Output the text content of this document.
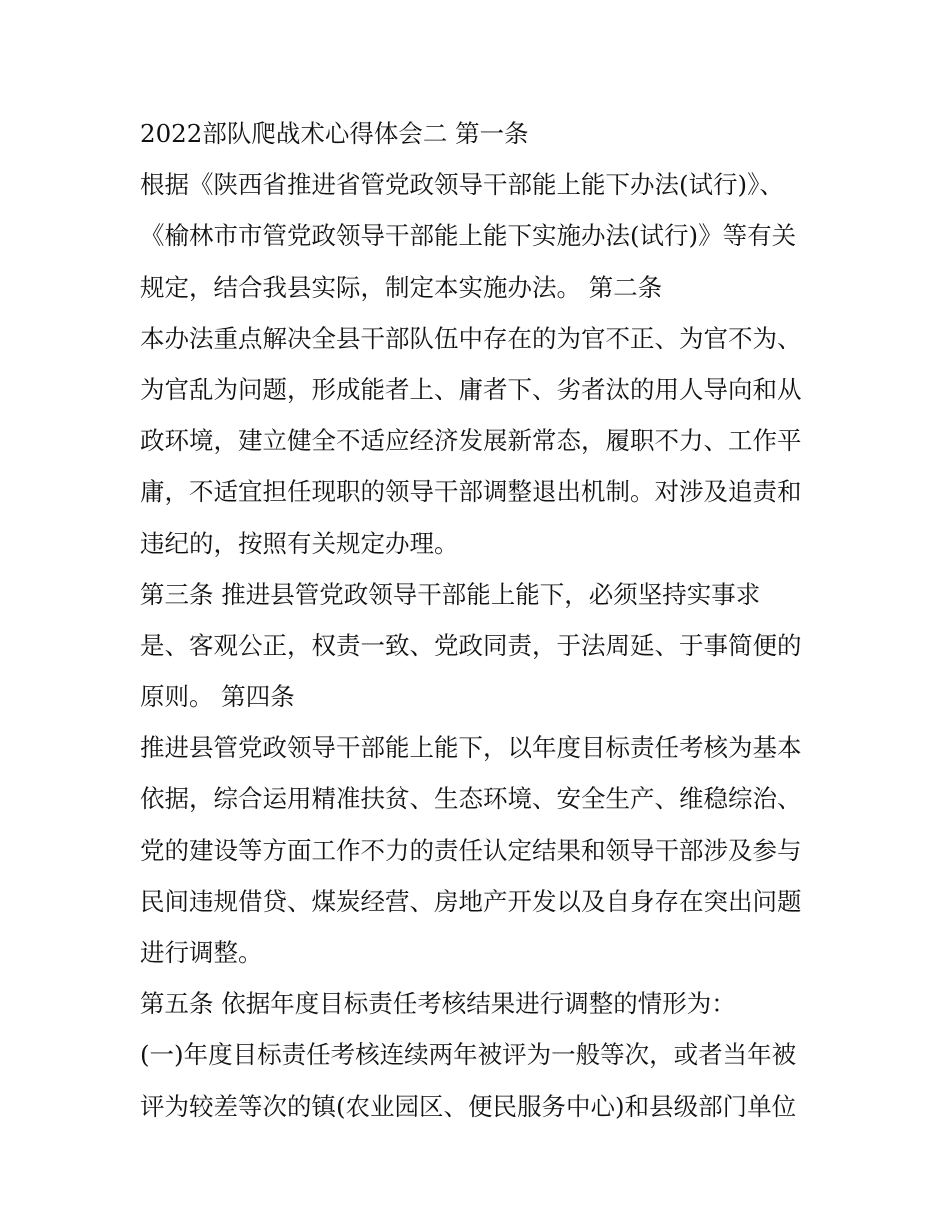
2022部队爬战术心得体会二 第一条
根据《陕西省推进省管党政领导干部能上能下办法(试行)》、
《榆林市市管党政领导干部能上能下实施办法(试行)》等有关
规定，结合我县实际，制定本实施办法。 第二条
本办法重点解决全县干部队伍中存在的为官不正、为官不为、
为官乱为问题，形成能者上、庸者下、劣者汰的用人导向和从
政环境，建立健全不适应经济发展新常态，履职不力、工作平
庸，不适宜担任现职的领导干部调整退出机制。对涉及追责和
违纪的，按照有关规定办理。
第三条 推进县管党政领导干部能上能下，必须坚持实事求
是、客观公正，权责一致、党政同责，于法周延、于事简便的
原则。 第四条
推进县管党政领导干部能上能下，以年度目标责任考核为基本
依据，综合运用精准扶贫、生态环境、安全生产、维稳综治、
党的建设等方面工作不力的责任认定结果和领导干部涉及参与
民间违规借贷、煤炭经营、房地产开发以及自身存在突出问题
进行调整。
第五条 依据年度目标责任考核结果进行调整的情形为：
(一)年度目标责任考核连续两年被评为一般等次，或者当年被
评为较差等次的镇(农业园区、便民服务中心)和县级部门单位
